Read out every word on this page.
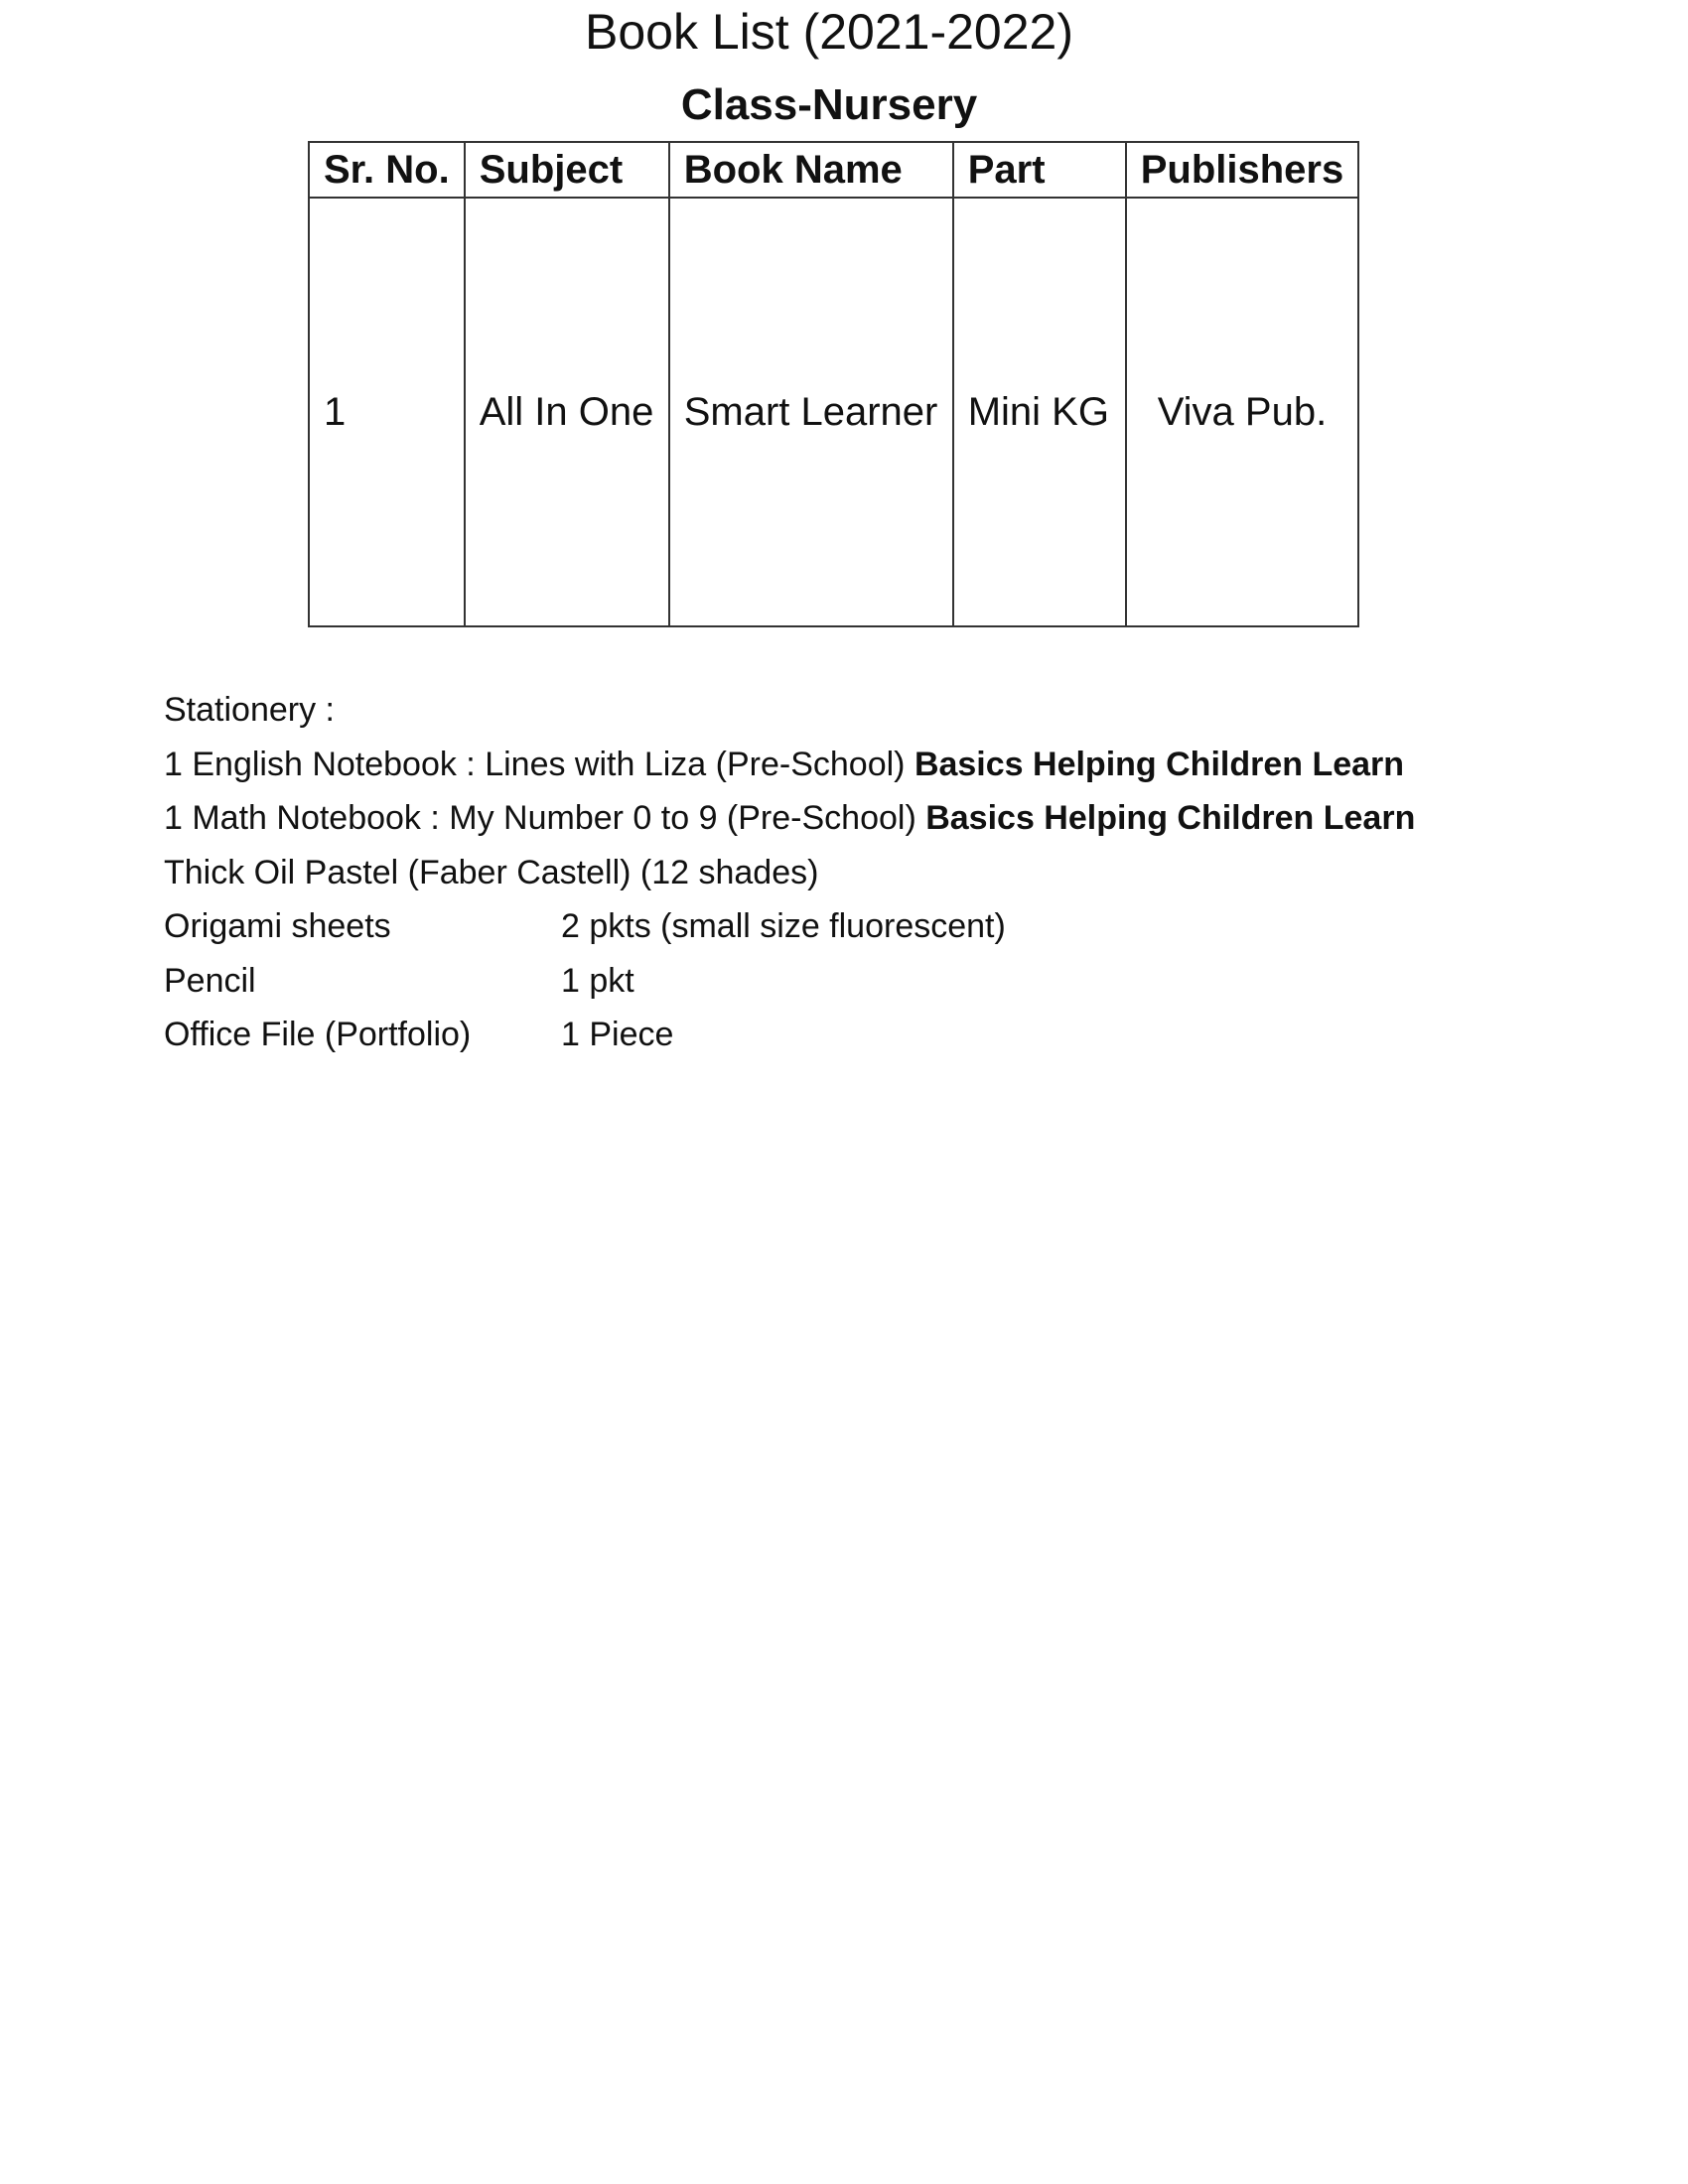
Book List (2021-2022)
Class-Nursery
Sr. No.	Subject	Book Name	Part	Publishers
1	All In One	Smart Learner	Mini KG	Viva Pub.
Stationery :
1 English Notebook : Lines with Liza (Pre-School) Basics Helping Children Learn
1 Math Notebook : My Number 0 to 9 (Pre-School) Basics Helping Children Learn
Thick Oil Pastel (Faber Castell) (12 shades)
Origami sheets	2 pkts (small size fluorescent)
Pencil	1 pkt
Office File (Portfolio)	1 Piece
